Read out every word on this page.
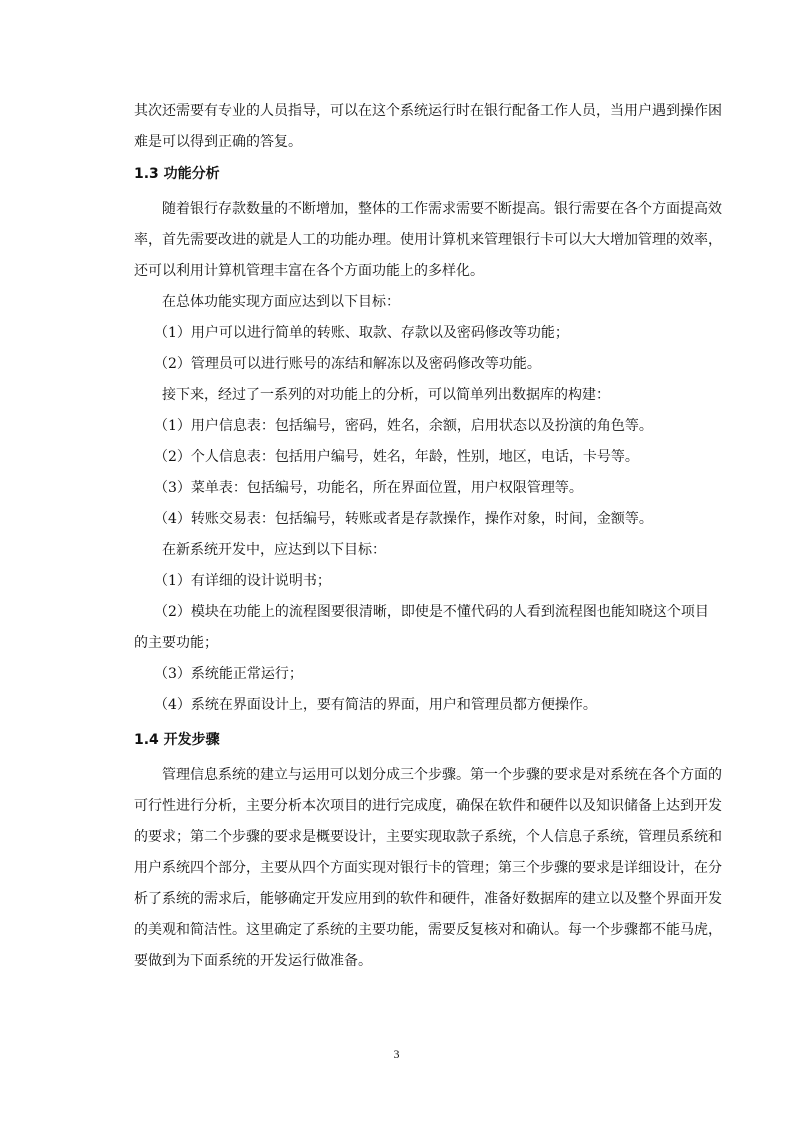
其次还需要有专业的人员指导，可以在这个系统运行时在银行配备工作人员，当用户遇到操作困

难是可以得到正确的答复。

1.3 功能分析

随着银行存款数量的不断增加，整体的工作需求需要不断提高。银行需要在各个方面提高效

率，首先需要改进的就是人工的功能办理。使用计算机来管理银行卡可以大大增加管理的效率，

还可以利用计算机管理丰富在各个方面功能上的多样化。

在总体功能实现方面应达到以下目标：

（1）用户可以进行简单的转账、取款、存款以及密码修改等功能；

（2）管理员可以进行账号的冻结和解冻以及密码修改等功能。

接下来，经过了一系列的对功能上的分析，可以简单列出数据库的构建：

（1）用户信息表：包括编号，密码，姓名，余额，启用状态以及扮演的角色等。

（2）个人信息表：包括用户编号，姓名，年龄，性别，地区，电话，卡号等。

（3）菜单表：包括编号，功能名，所在界面位置，用户权限管理等。

（4）转账交易表：包括编号，转账或者是存款操作，操作对象，时间，金额等。

在新系统开发中，应达到以下目标：

（1）有详细的设计说明书；

（2）模块在功能上的流程图要很清晰，即使是不懂代码的人看到流程图也能知晓这个项目

的主要功能；

（3）系统能正常运行；

（4）系统在界面设计上，要有简洁的界面，用户和管理员都方便操作。

1.4 开发步骤

管理信息系统的建立与运用可以划分成三个步骤。第一个步骤的要求是对系统在各个方面的

可行性进行分析，主要分析本次项目的进行完成度，确保在软件和硬件以及知识储备上达到开发

的要求；第二个步骤的要求是概要设计，主要实现取款子系统，个人信息子系统，管理员系统和

用户系统四个部分，主要从四个方面实现对银行卡的管理；第三个步骤的要求是详细设计，在分

析了系统的需求后，能够确定开发应用到的软件和硬件，准备好数据库的建立以及整个界面开发

的美观和简洁性。这里确定了系统的主要功能，需要反复核对和确认。每一个步骤都不能马虎，

要做到为下面系统的开发运行做准备。

3
